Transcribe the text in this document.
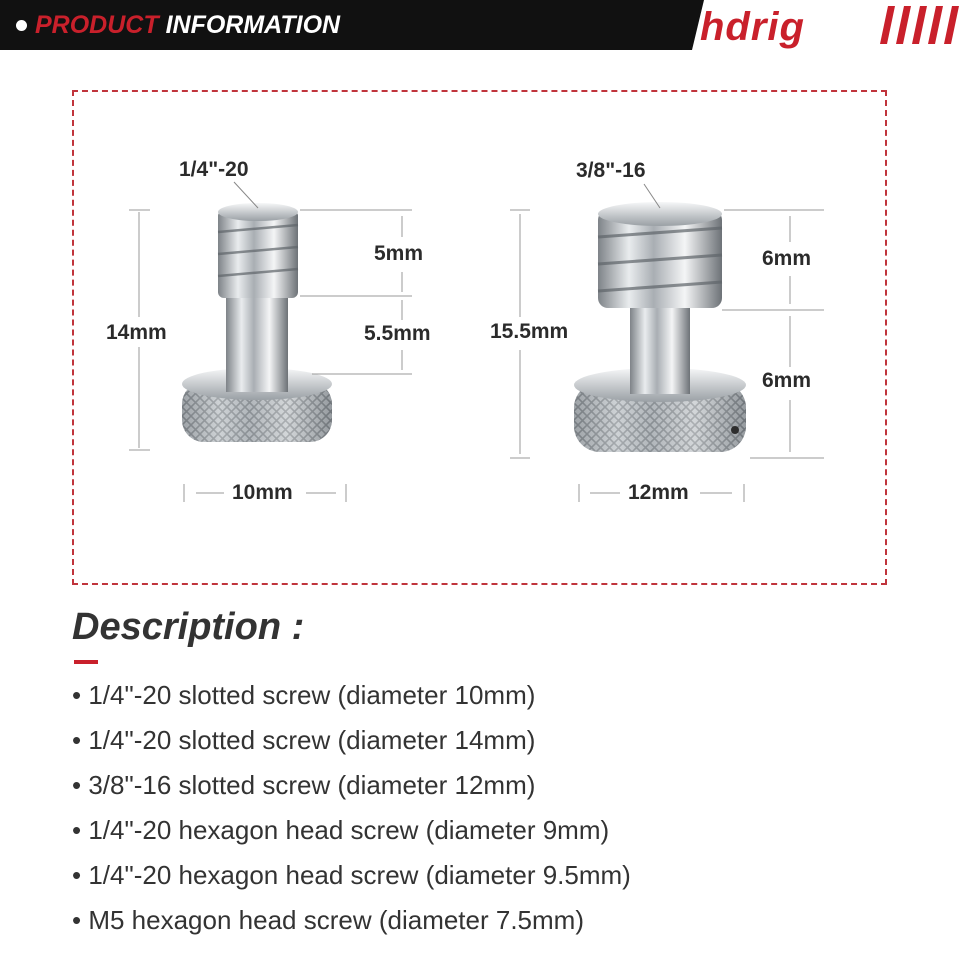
PRODUCT INFORMATION	hdrig
1/4"-20
14mm
5mm
5.5mm
10mm
3/8"-16
15.5mm
6mm
6mm
12mm
Description :
• 1/4"-20 slotted screw (diameter 10mm)
• 1/4"-20 slotted screw (diameter 14mm)
• 3/8"-16 slotted screw (diameter 12mm)
• 1/4"-20 hexagon head screw (diameter 9mm)
• 1/4"-20 hexagon head screw (diameter 9.5mm)
• M5 hexagon head screw (diameter 7.5mm)
